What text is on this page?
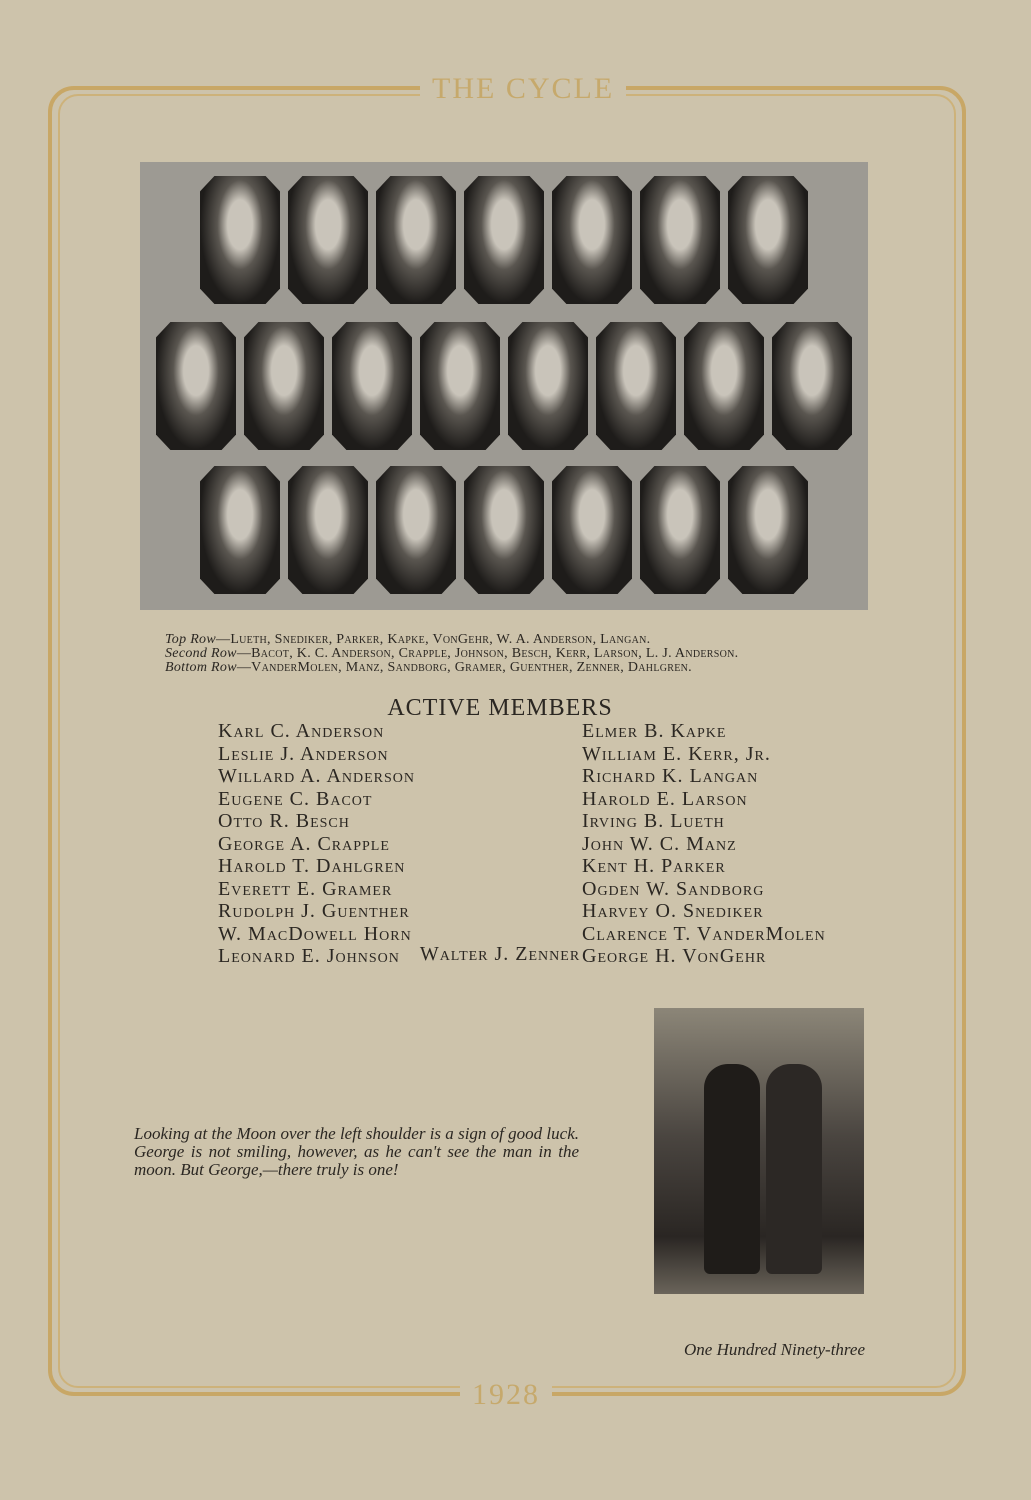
THE CYCLE
1928
Top Row—Lueth, Snediker, Parker, Kapke, VonGehr, W. A. Anderson, Langan.
Second Row—Bacot, K. C. Anderson, Crapple, Johnson, Besch, Kerr, Larson, L. J. Anderson.
Bottom Row—VanderMolen, Manz, Sandborg, Gramer, Guenther, Zenner, Dahlgren.
ACTIVE MEMBERS
Karl C. Anderson
Leslie J. Anderson
Willard A. Anderson
Eugene C. Bacot
Otto R. Besch
George A. Crapple
Harold T. Dahlgren
Everett E. Gramer
Rudolph J. Guenther
W. MacDowell Horn
Leonard E. Johnson
Elmer B. Kapke
William E. Kerr, Jr.
Richard K. Langan
Harold E. Larson
Irving B. Lueth
John W. C. Manz
Kent H. Parker
Ogden W. Sandborg
Harvey O. Snediker
Clarence T. VanderMolen
George H. VonGehr
Walter J. Zenner
Looking at the Moon over the left shoulder is a sign of good luck. George is not smiling, however, as he can't see the man in the moon. But George,—there truly is one!
One Hundred Ninety-three
